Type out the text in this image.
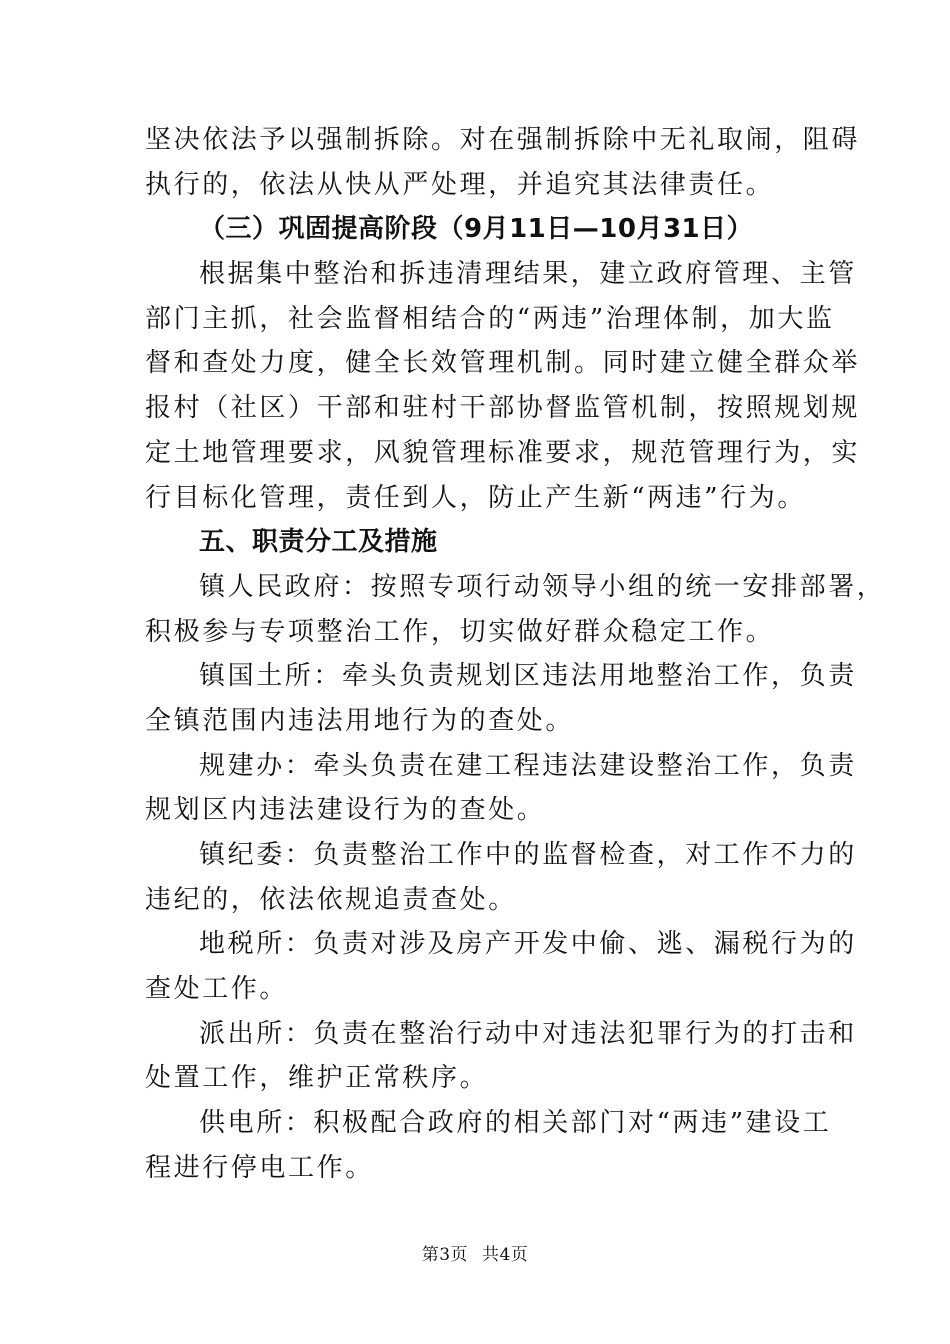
坚决依法予以强制拆除。对在强制拆除中无礼取闹，阻碍
执行的，依法从快从严处理，并追究其法律责任。
（三）巩固提高阶段（9月11日—10月31日）
根据集中整治和拆违清理结果，建立政府管理、主管
部门主抓，社会监督相结合的“两违”治理体制，加大监
督和查处力度，健全长效管理机制。同时建立健全群众举
报村（社区）干部和驻村干部协督监管机制，按照规划规
定土地管理要求，风貌管理标准要求，规范管理行为，实
行目标化管理，责任到人，防止产生新“两违”行为。
五、职责分工及措施
镇人民政府：按照专项行动领导小组的统一安排部署，
积极参与专项整治工作，切实做好群众稳定工作。
镇国土所：牵头负责规划区违法用地整治工作，负责
全镇范围内违法用地行为的查处。
规建办：牵头负责在建工程违法建设整治工作，负责
规划区内违法建设行为的查处。
镇纪委：负责整治工作中的监督检查，对工作不力的
违纪的，依法依规追责查处。
地税所：负责对涉及房产开发中偷、逃、漏税行为的
查处工作。
派出所：负责在整治行动中对违法犯罪行为的打击和
处置工作，维护正常秩序。
供电所：积极配合政府的相关部门对“两违”建设工
程进行停电工作。
第3页 共4页
